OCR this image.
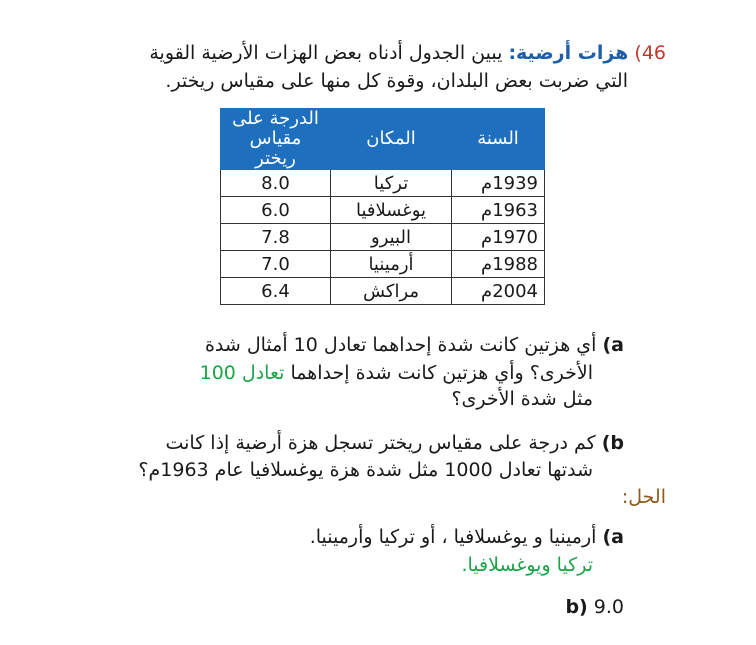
46) هزات أرضية: يبين الجدول أدناه بعض الهزات الأرضية القوية
التي ضربت بعض البلدان، وقوة كل منها على مقياس ريختر.
السنة	المكان	الدرجة على
مقياس ريختر

1939م	تركيا	8.0
1963م	يوغسلافيا	6.0
1970م	البيرو	7.8
1988م	أرمينيا	7.0
2004م	مراكش	6.4
a) أي هزتين كانت شدة إحداهما تعادل 10 أمثال شدة
الأخرى؟ وأي هزتين كانت شدة إحداهما تعادل 100
مثل شدة الأخرى؟
b) كم درجة على مقياس ريختر تسجل هزة أرضية إذا كانت
شدتها تعادل 1000 مثل شدة هزة يوغسلافيا عام 1963م؟
الحل:
a) أرمينيا و يوغسلافيا ، أو تركيا وأرمينيا.
تركيا ويوغسلافيا.
b) 9.0
